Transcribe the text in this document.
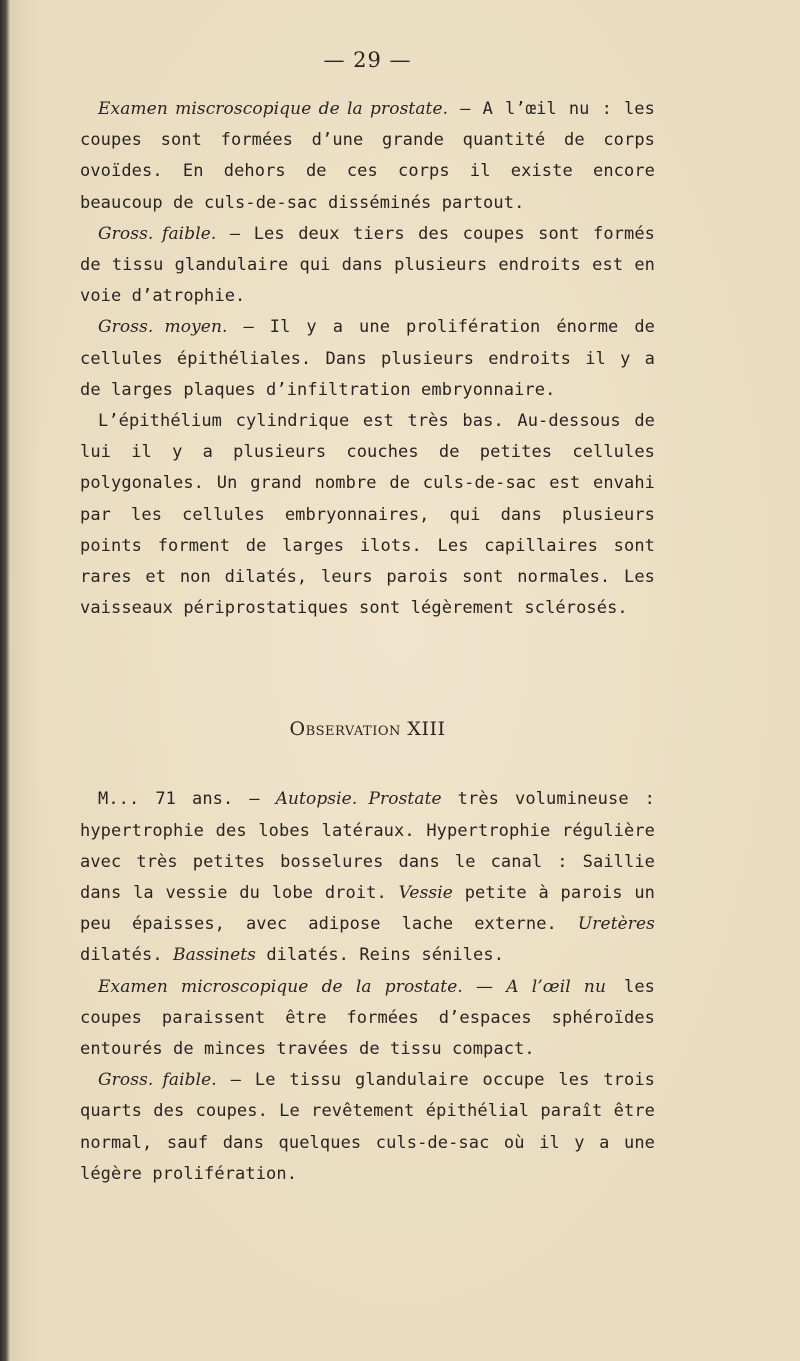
— 29 —

Examen miscroscopique de la prostate. — A l’œil nu : les coupes sont formées d’une grande quantité de corps ovoïdes. En dehors de ces corps il existe encore beaucoup de culs-de-sac disséminés partout.

Gross. faible. — Les deux tiers des coupes sont formés de tissu glandulaire qui dans plusieurs endroits est en voie d’atrophie.

Gross. moyen. — Il y a une prolifération énorme de cellules épithéliales. Dans plusieurs endroits il y a de larges plaques d’infiltration embryonnaire.

L’épithélium cylindrique est très bas. Au-dessous de lui il y a plusieurs couches de petites cellules polygonales. Un grand nombre de culs-de-sac est envahi par les cellules embryonnaires, qui dans plusieurs points forment de larges ilots. Les capillaires sont rares et non dilatés, leurs parois sont normales. Les vaisseaux périprostatiques sont légèrement sclérosés.

Observation XIII

M... 71 ans. — Autopsie. Prostate très volumineuse : hypertrophie des lobes latéraux. Hypertrophie régulière avec très petites bosselures dans le canal : Saillie dans la vessie du lobe droit. Vessie petite à parois un peu épaisses, avec adipose lache externe. Uretères dilatés. Bassinets dilatés. Reins séniles.

Examen microscopique de la prostate. — A l’œil nu les coupes paraissent être formées d’espaces sphéroïdes entourés de minces travées de tissu compact.

Gross. faible. — Le tissu glandulaire occupe les trois quarts des coupes. Le revêtement épithélial paraît être normal, sauf dans quelques culs-de-sac où il y a une légère prolifération.
